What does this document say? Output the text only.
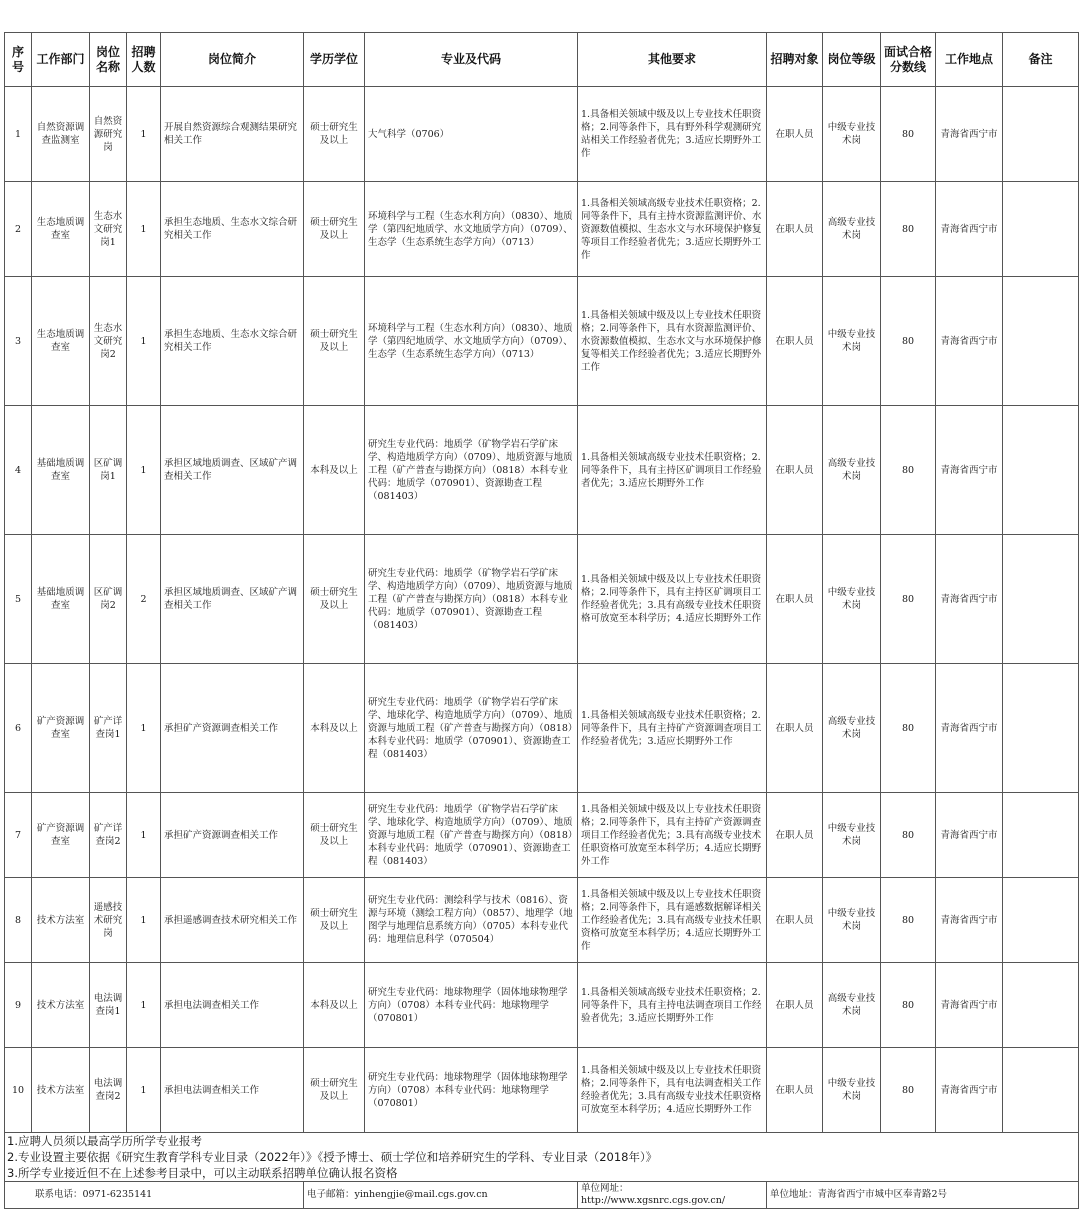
序号	工作部门	岗位名称	招聘人数	岗位简介	学历学位	专业及代码	其他要求	招聘对象	岗位等级	面试合格分数线	工作地点	备注
1	自然资源调查监测室	自然资源研究岗	1	开展自然资源综合观测结果研究相关工作	硕士研究生及以上	大气科学（0706）	1.具备相关领域中级及以上专业技术任职资格；2.同等条件下，具有野外科学观测研究站相关工作经验者优先；3.适应长期野外工作	在职人员	中级专业技术岗	80	青海省西宁市	
2	生态地质调查室	生态水文研究岗1	1	承担生态地质、生态水文综合研究相关工作	硕士研究生及以上	环境科学与工程（生态水利方向）（0830）、地质学（第四纪地质学、水文地质学方向）（0709）、生态学（生态系统生态学方向）（0713）	1.具备相关领域高级专业技术任职资格；2.同等条件下，具有主持水资源监测评价、水资源数值模拟、生态水文与水环境保护修复等项目工作经验者优先；3.适应长期野外工作	在职人员	高级专业技术岗	80	青海省西宁市	
3	生态地质调查室	生态水文研究岗2	1	承担生态地质、生态水文综合研究相关工作	硕士研究生及以上	环境科学与工程（生态水利方向）（0830）、地质学（第四纪地质学、水文地质学方向）（0709）、生态学（生态系统生态学方向）（0713）	1.具备相关领域中级及以上专业技术任职资格；2.同等条件下，具有水资源监测评价、水资源数值模拟、生态水文与水环境保护修复等相关工作经验者优先；3.适应长期野外工作	在职人员	中级专业技术岗	80	青海省西宁市	
4	基础地质调查室	区矿调岗1	1	承担区域地质调查、区域矿产调查相关工作	本科及以上	研究生专业代码：地质学（矿物学岩石学矿床学、构造地质学方向）（0709）、地质资源与地质工程（矿产普查与勘探方向）（0818）本科专业代码：地质学（070901）、资源勘查工程（081403）	1.具备相关领域高级专业技术任职资格；2.同等条件下，具有主持区矿调项目工作经验者优先；3.适应长期野外工作	在职人员	高级专业技术岗	80	青海省西宁市	
5	基础地质调查室	区矿调岗2	2	承担区域地质调查、区域矿产调查相关工作	硕士研究生及以上	研究生专业代码：地质学（矿物学岩石学矿床学、构造地质学方向）（0709）、地质资源与地质工程（矿产普查与勘探方向）（0818）本科专业代码：地质学（070901）、资源勘查工程（081403）	1.具备相关领域中级及以上专业技术任职资格；2.同等条件下，具有主持区矿调项目工作经验者优先；3.具有高级专业技术任职资格可放宽至本科学历；4.适应长期野外工作	在职人员	中级专业技术岗	80	青海省西宁市	
6	矿产资源调查室	矿产详查岗1	1	承担矿产资源调查相关工作	本科及以上	研究生专业代码：地质学（矿物学岩石学矿床学、地球化学、构造地质学方向）（0709）、地质资源与地质工程（矿产普查与勘探方向）（0818）本科专业代码：地质学（070901）、资源勘查工程（081403）	1.具备相关领域高级专业技术任职资格；2.同等条件下，具有主持矿产资源调查项目工作经验者优先；3.适应长期野外工作	在职人员	高级专业技术岗	80	青海省西宁市	
7	矿产资源调查室	矿产详查岗2	1	承担矿产资源调查相关工作	硕士研究生及以上	研究生专业代码：地质学（矿物学岩石学矿床学、地球化学、构造地质学方向）（0709）、地质资源与地质工程（矿产普查与勘探方向）（0818）本科专业代码：地质学（070901）、资源勘查工程（081403）	1.具备相关领域中级及以上专业技术任职资格；2.同等条件下，具有主持矿产资源调查项目工作经验者优先；3.具有高级专业技术任职资格可放宽至本科学历；4.适应长期野外工作	在职人员	中级专业技术岗	80	青海省西宁市	
8	技术方法室	遥感技术研究岗	1	承担遥感调查技术研究相关工作	硕士研究生及以上	研究生专业代码：测绘科学与技术（0816）、资源与环境（测绘工程方向）（0857）、地理学（地图学与地理信息系统方向）（0705）本科专业代码：地理信息科学（070504）	1.具备相关领域中级及以上专业技术任职资格；2.同等条件下，具有遥感数据解译相关工作经验者优先；3.具有高级专业技术任职资格可放宽至本科学历；4.适应长期野外工作	在职人员	中级专业技术岗	80	青海省西宁市	
9	技术方法室	电法调查岗1	1	承担电法调查相关工作	本科及以上	研究生专业代码：地球物理学（固体地球物理学方向）（0708）本科专业代码：地球物理学（070801）	1.具备相关领域高级专业技术任职资格；2.同等条件下，具有主持电法调查项目工作经验者优先；3.适应长期野外工作	在职人员	高级专业技术岗	80	青海省西宁市	
10	技术方法室	电法调查岗2	1	承担电法调查相关工作	硕士研究生及以上	研究生专业代码：地球物理学（固体地球物理学方向）（0708）本科专业代码：地球物理学（070801）	1.具备相关领域中级及以上专业技术任职资格；2.同等条件下，具有电法调查相关工作经验者优先；3.具有高级专业技术任职资格可放宽至本科学历；4.适应长期野外工作	在职人员	中级专业技术岗	80	青海省西宁市	
1.应聘人员须以最高学历所学专业报考												
2.专业设置主要依据《研究生教育学科专业目录（2022年）》《授予博士、硕士学位和培养研究生的学科、专业目录（2018年）》												
3.所学专业接近但不在上述参考目录中，可以主动联系招聘单位确认报名资格												
联系电话：0971-6235141					电子邮箱：yinhengjie@mail.cgs.gov.cn		单位网址：http://www.xgsnrc.cgs.gov.cn/	单位地址：青海省西宁市城中区奉青路2号				
